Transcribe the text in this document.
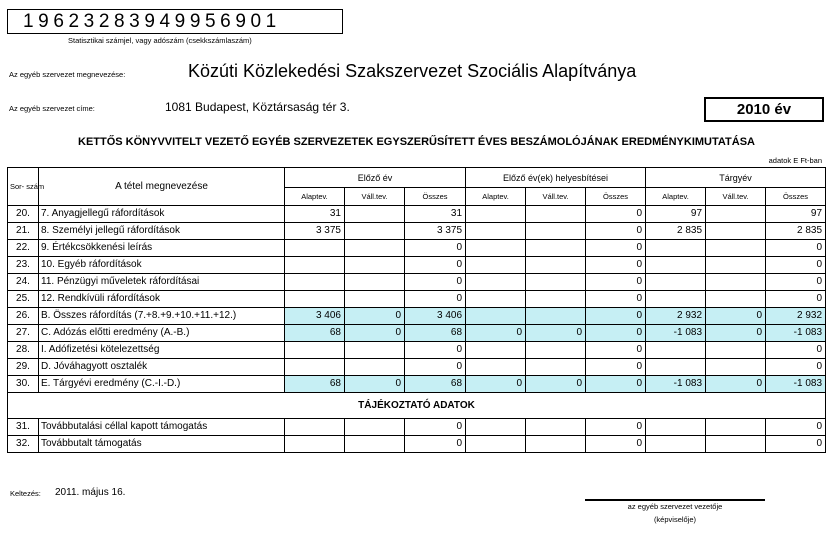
19623283949956901
Statisztikai számjel, vagy adószám (csekkszámlaszám)
Az egyéb szervezet megnevezése:	Közúti Közlekedési Szakszervezet Szociális Alapítványa
Az egyéb szervezet címe:	1081 Budapest, Köztársaság tér 3.	2010 év
KETTŐS KÖNYVVITELT VEZETŐ EGYÉB SZERVEZETEK EGYSZERŰSÍTETT ÉVES BESZÁMOLÓJÁNAK EREDMÉNYKIMUTATÁSA
adatok E Ft-ban
Sor- szám	A tétel megnevezése	Előző év			Előző év(ek) helyesbítései			Tárgyév		
		Alaptev.	Váll.tev.	Összes	Alaptev.	Váll.tev.	Összes	Alaptev.	Váll.tev.	Összes
20.	7. Anyagjellegű ráfordítások	31		31			0	97		97
21.	8. Személyi jellegű ráfordítások	3 375		3 375			0	2 835		2 835
22.	9. Értékcsökkenési leírás			0			0			0
23.	10. Egyéb ráfordítások			0			0			0
24.	11. Pénzügyi műveletek ráfordításai			0			0			0
25.	12. Rendkívüli ráfordítások			0			0			0
26.	B. Összes ráfordítás (7.+8.+9.+10.+11.+12.)	3 406	0	3 406			0	2 932	0	2 932
27.	C. Adózás előtti eredmény (A.-B.)	68	0	68	0	0	0	-1 083	0	-1 083
28.	I. Adófizetési kötelezettség			0			0			0
29.	D. Jóváhagyott osztalék			0			0			0
30.	E. Tárgyévi eredmény (C.-I.-D.)	68	0	68	0	0	0	-1 083	0	-1 083
TÁJÉKOZTATÓ ADATOK										
31.	Továbbutalási céllal kapott támogatás			0			0			0
32.	Továbbutalt támogatás			0			0			0
Keltezés: 2011. május 16.
az egyéb szervezet vezetője
(képviselője)
